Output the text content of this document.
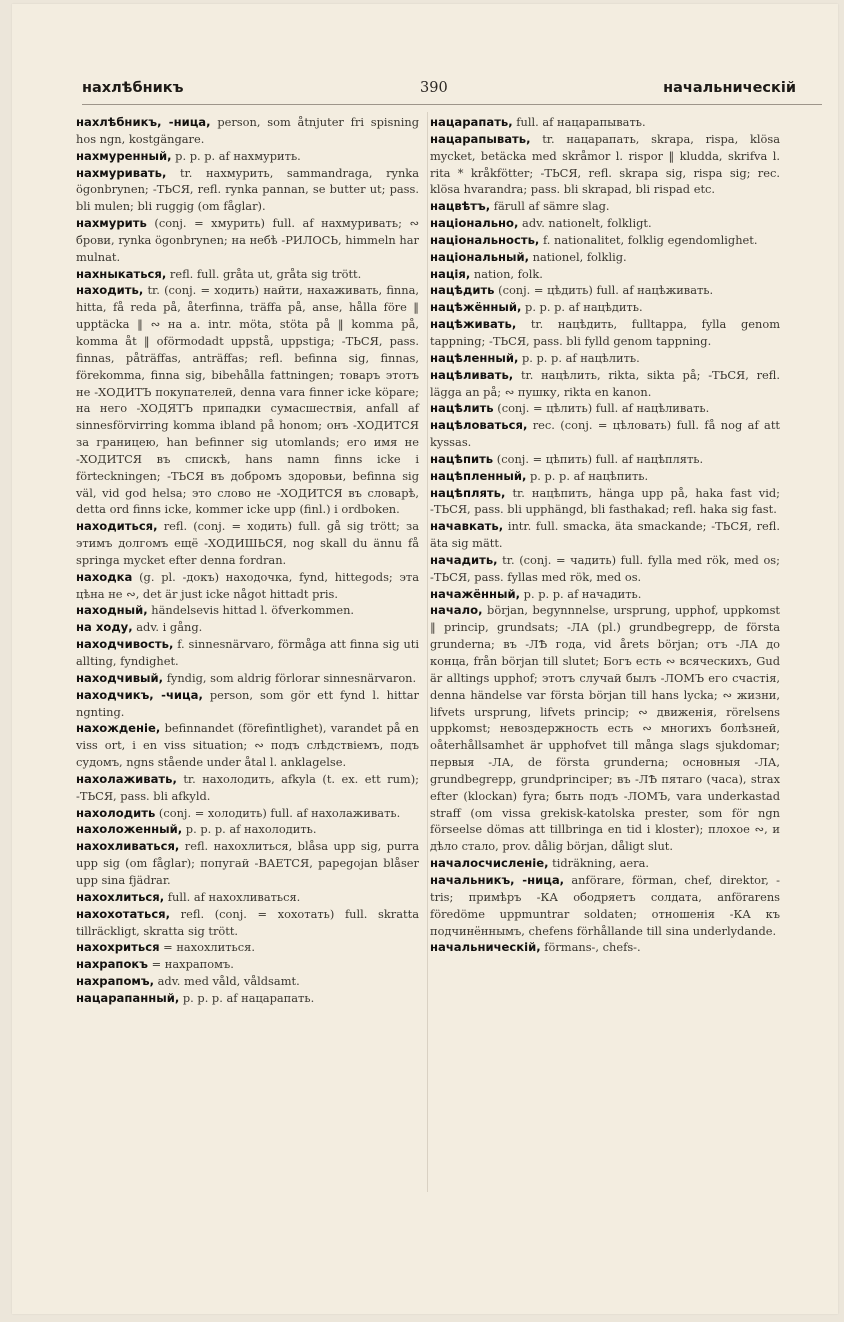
нахлѣбникъ	390	начальническій

нахлѣбникъ, -ница, person, som åtnjuter fri spisning hos ngn, kostgängare.

нахмуренный, p. p. p. af нахмурить.

нахмуривать, tr. нахмурить, sammandraga, rynka ögonbrynen; -ТЬСЯ, refl. rynka pannan, se butter ut; pass. bli mulen; bli ruggig (om fåglar).

нахмурить (conj. = хмурить) full. af нахмуривать; ∾ брови, rynka ögonbrynen; на небѣ -РИЛОСЬ, himmeln har mulnat.

нахныкаться, refl. full. gråta ut, gråta sig trött.

находить, tr. (conj. = ходить) найти, нахаживать, finna, hitta, få reda på, återfinna, träffa på, anse, hålla före ‖ upptäcka ‖ ∾ на a. intr. möta, stöta på ‖ komma på, komma åt ‖ oförmodadt uppstå, uppstiga; -ТЬСЯ, pass. finnas, påträffas, anträffas; refl. befinna sig, finnas, förekomma, finna sig, bibehålla fattningen; товаръ этотъ не -ХОДИТЪ покупателей, denna vara finner icke köpare; на него -ХОДЯТЪ припадки сумасшествія, anfall af sinnesförvirring komma ibland på honom; онъ -ХОДИТСЯ за границею, han befinner sig utomlands; его имя не -ХОДИТСЯ въ спискѣ, hans namn finns icke i förteckningen; -ТЬСЯ въ добромъ здоровьи, befinna sig väl, vid god helsa; это слово не -ХОДИТСЯ въ словарѣ, detta ord finns icke, kommer icke upp (finl.) i ordboken.

находиться, refl. (conj. = ходить) full. gå sig trött; за этимъ долгомъ ещё -ХОДИШЬСЯ, nog skall du ännu få springa mycket efter denna fordran.

находка (g. pl. -докъ) находочка, fynd, hittegods; эта цѣна не ∾, det är just icke något hittadt pris.

находный, händelsevis hittad l. öfverkommen.

на ходу, adv. i gång.

находчивость, f. sinnesnärvaro, förmåga att finna sig uti allting, fyndighet.

находчивый, fyndig, som aldrig förlorar sinnesnärvaron.

находчикъ, -чица, person, som gör ett fynd l. hittar ngnting.

нахожденіе, befinnandet (förefintlighet), varandet på en viss ort, i en viss situation; ∾ подъ слѣдствіемъ, подъ судомъ, ngns stående under åtal l. anklagelse.

нахолаживать, tr. нахолодить, afkyla (t. ex. ett rum); -ТЬСЯ, pass. bli afkyld.

нахолодить (conj. = холодить) full. af нахолаживать.

нахоложенный, p. p. p. af нахолодить.

нахохливаться, refl. нахохлиться, blåsa upp sig, purra upp sig (om fåglar); попугай -ВАЕТСЯ, papegojan blåser upp sina fjädrar.

нахохлиться, full. af нахохливаться.

нахохотаться, refl. (conj. = хохотать) full. skratta tillräckligt, skratta sig trött.

нахохриться = нахохлиться.

нахрапокъ = нахрапомъ.

нахрапомъ, adv. med våld, våldsamt.

нацарапанный, p. p. p. af нацарапать.

нацарапать, full. af нацарапывать.

нацарапывать, tr. нацарапать, skrapa, rispa, klösa mycket, betäcka med skråmor l. rispor ‖ kludda, skrifva l. rita * kråkfötter; -ТЬСЯ, refl. skrapa sig, rispa sig; rec. klösa hvarandra; pass. bli skrapad, bli rispad etc.

нацвѣтъ, färull af sämre slag.

національно, adv. nationelt, folkligt.

національность, f. nationalitet, folklig egendomlighet.

національный, nationel, folklig.

нація, nation, folk.

нацѣдить (conj. = цѣдить) full. af нацѣживать.

нацѣжённый, p. p. p. af нацѣдить.

нацѣживать, tr. нацѣдить, fulltappa, fylla genom tappning; -ТЬСЯ, pass. bli fylld genom tappning.

нацѣленный, p. p. p. af нацѣлить.

нацѣливать, tr. нацѣлить, rikta, sikta på; -ТЬСЯ, refl. lägga an på; ∾ пушку, rikta en kanon.

нацѣлить (conj. = цѣлить) full. af нацѣливать.

нацѣловаться, rec. (conj. = цѣловать) full. få nog af att kyssas.

нацѣпить (conj. = цѣпить) full. af нацѣплять.

нацѣпленный, p. p. p. af нацѣпить.

нацѣплять, tr. нацѣпить, hänga upp på, haka fast vid; -ТЬСЯ, pass. bli upphängd, bli fasthakad; refl. haka sig fast.

начавкать, intr. full. smacka, äta smackande; -ТЬСЯ, refl. äta sig mätt.

начадить, tr. (conj. = чадить) full. fylla med rök, med os; -ТЬСЯ, pass. fyllas med rök, med os.

начажённый, p. p. p. af начадить.

начало, början, begynnnelse, ursprung, upphof, uppkomst ‖ princip, grundsats; -ЛА (pl.) grundbegrepp, de första grunderna; въ -ЛѢ года, vid årets början; отъ -ЛА до конца, från början till slutet; Богъ есть ∾ всяческихъ, Gud är alltings upphof; этотъ случай былъ -ЛОМЪ его счастія, denna händelse var första början till hans lycka; ∾ жизни, lifvets ursprung, lifvets princip; ∾ движенія, rörelsens uppkomst; невоздержность есть ∾ многихъ болѣзней, oåterhållsamhet är upphofvet till många slags sjukdomar; первыя -ЛА, de första grunderna; основныя -ЛА, grundbegrepp, grundprinciper; въ -ЛѢ пятаго (часа), strax efter (klockan) fyra; быть подъ -ЛОМЪ, vara underkastad straff (om vissa grekisk-katolska prester, som för ngn förseelse dömas att tillbringa en tid i kloster); плохое ∾, и дѣло стало, prov. dålig början, dåligt slut.

началосчисленіе, tidräkning, aera.

начальникъ, -ница, anförare, förman, chef, direktor, -tris; примѣръ -КА ободряетъ солдата, anförarens föredöme uppmuntrar soldaten; отношенія -КА къ подчинённымъ, chefens förhållande till sina underlydande.

начальническій, förmans-, chefs-.
